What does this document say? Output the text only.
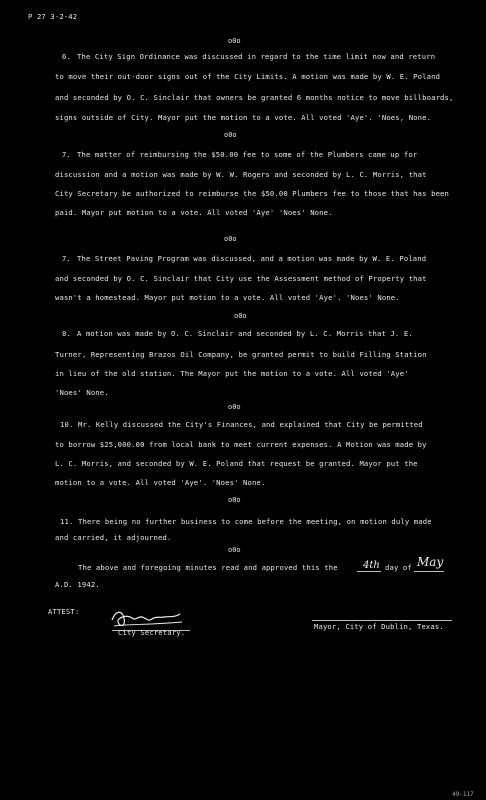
P 27 3-2-42
o0o
6. The City Sign Ordinance was discussed in regard to the time limit now and return
to move their out-door signs out of the City Limits. A motion was made by W. E. Poland
and seconded by O. C. Sinclair that owners be granted 6 months notice to move billboards,
signs outside of City. Mayor put the motion to a vote. All voted 'Aye'. 'Noes, None.
o0o
7. The matter of reimbursing the $50.00 fee to some of the Plumbers came up for
discussion and a motion was made by W. W. Rogers and seconded by L. C. Morris, that
City Secretary be authorized to reimburse the $50.00 Plumbers fee to those that has been
paid. Mayor put motion to a vote. All voted 'Aye' 'Noes' None.
o0o
7. The Street Paving Program was discussed, and a motion was made by W. E. Poland
and seconded by O. C. Sinclair that City use the Assessment method of Property that
wasn't a homestead. Mayor put motion to a vote. All voted 'Aye'. 'Noes' None.
o0o
8. A motion was made by O. C. Sinclair and seconded by L. C. Morris that J. E.
Turner, Representing Brazos Oil Company, be granted permit to build Filling Station
in lieu of the old station. The Mayor put the motion to a vote. All voted 'Aye'
'Noes' None.
o0o
10. Mr. Kelly discussed the City's Finances, and explained that City be permitted
to borrow $25,000.00 from local bank to meet current expenses. A Motion was made by
L. C. Morris, and seconded by W. E. Poland that request be granted. Mayor put the
motion to a vote. All voted 'Aye'. 'Noes' None.
o0o
11. There being no further business to come before the meeting, on motion duly made
and carried, it adjourned.
o0o
The above and foregoing minutes read and approved this the	4th day of May
A.D. 1942.
ATTEST:
City Secretary.
Mayor, City of Dublin, Texas.
49-117
